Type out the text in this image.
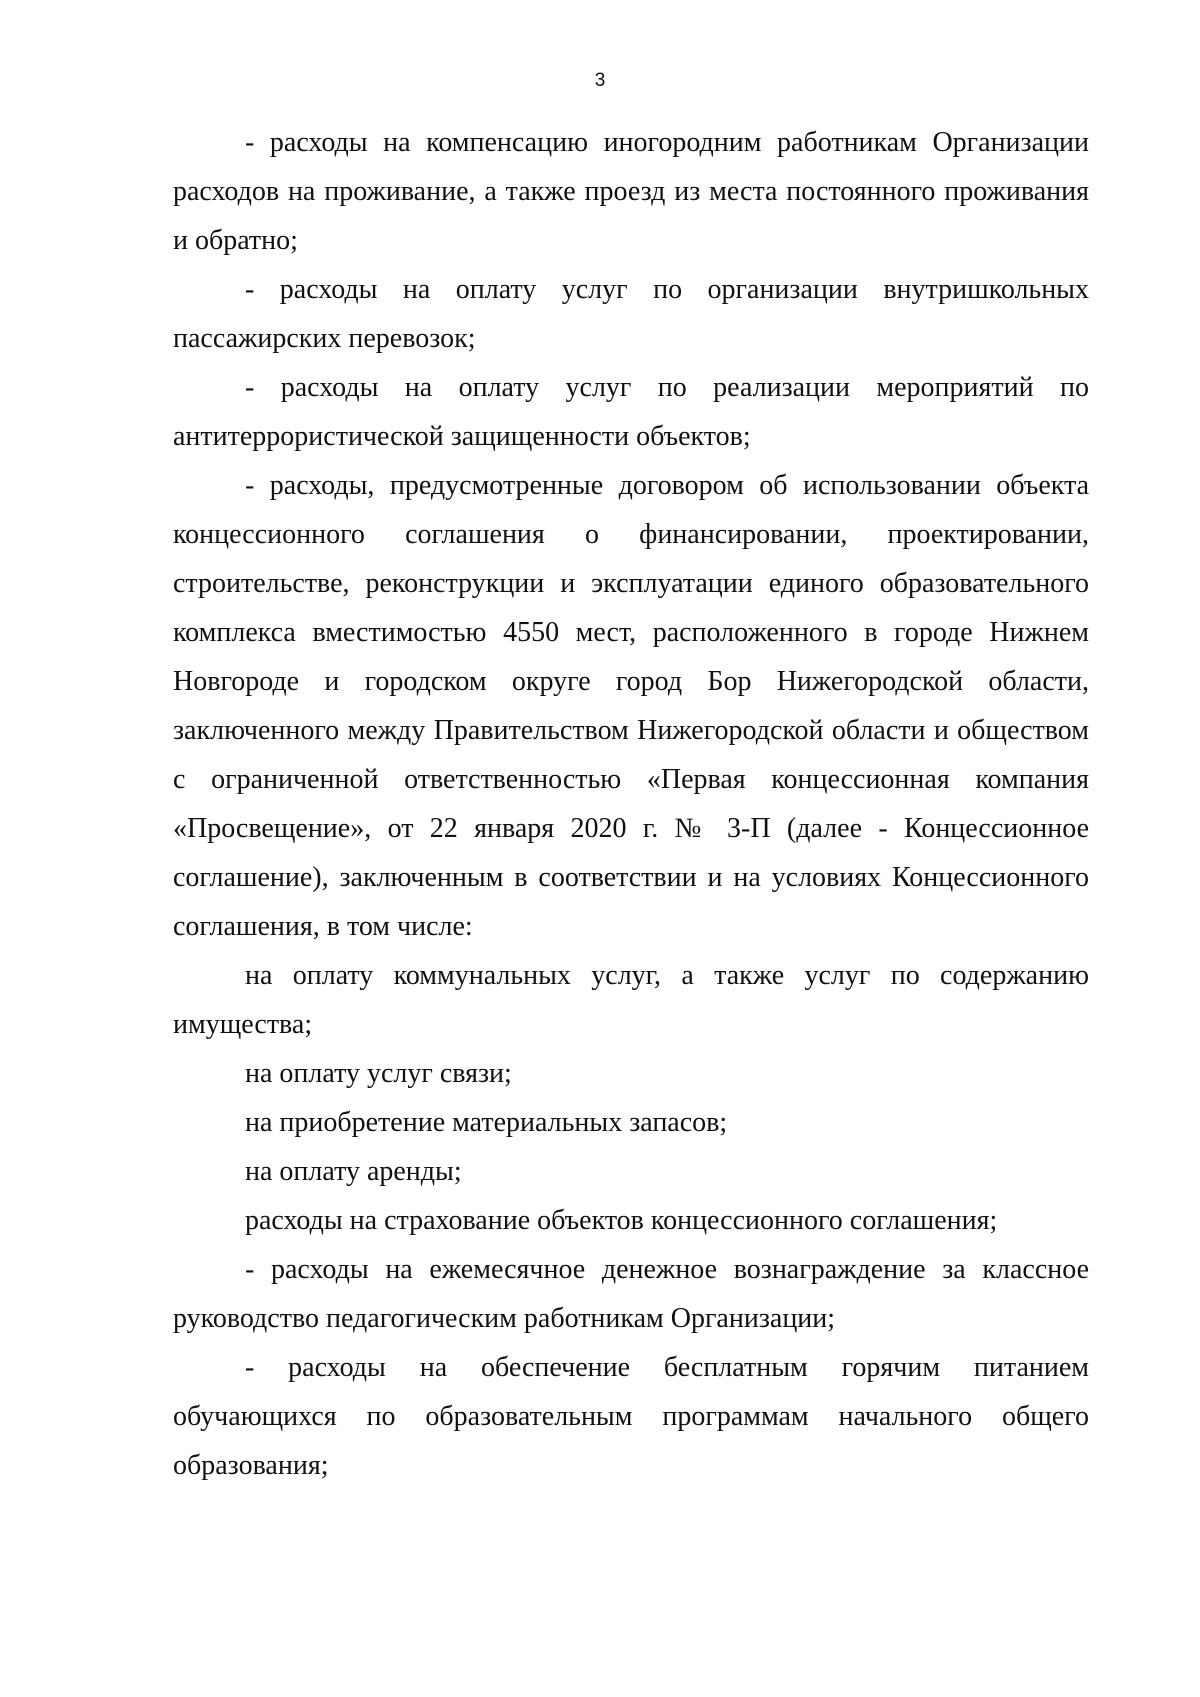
3

- расходы на компенсацию иногородним работникам Организации расходов на проживание, а также проезд из места постоянного проживания и обратно;

- расходы на оплату услуг по организации внутришкольных пассажирских перевозок;

- расходы на оплату услуг по реализации мероприятий по антитеррористической защищенности объектов;

- расходы, предусмотренные договором об использовании объекта концессионного соглашения о финансировании, проектировании, строительстве, реконструкции и эксплуатации единого образовательного комплекса вместимостью 4550 мест, расположенного в городе Нижнем Новгороде и городском округе город Бор Нижегородской области, заключенного между Правительством Нижегородской области и обществом с ограниченной ответственностью «Первая концессионная компания «Просвещение», от 22 января 2020 г. № 3-П (далее - Концессионное соглашение), заключенным в соответствии и на условиях Концессионного соглашения, в том числе:

на оплату коммунальных услуг, а также услуг по содержанию имущества;

на оплату услуг связи;

на приобретение материальных запасов;

на оплату аренды;

расходы на страхование объектов концессионного соглашения;

- расходы на ежемесячное денежное вознаграждение за классное руководство педагогическим работникам Организации;

- расходы на обеспечение бесплатным горячим питанием обучающихся по образовательным программам начального общего образования;
